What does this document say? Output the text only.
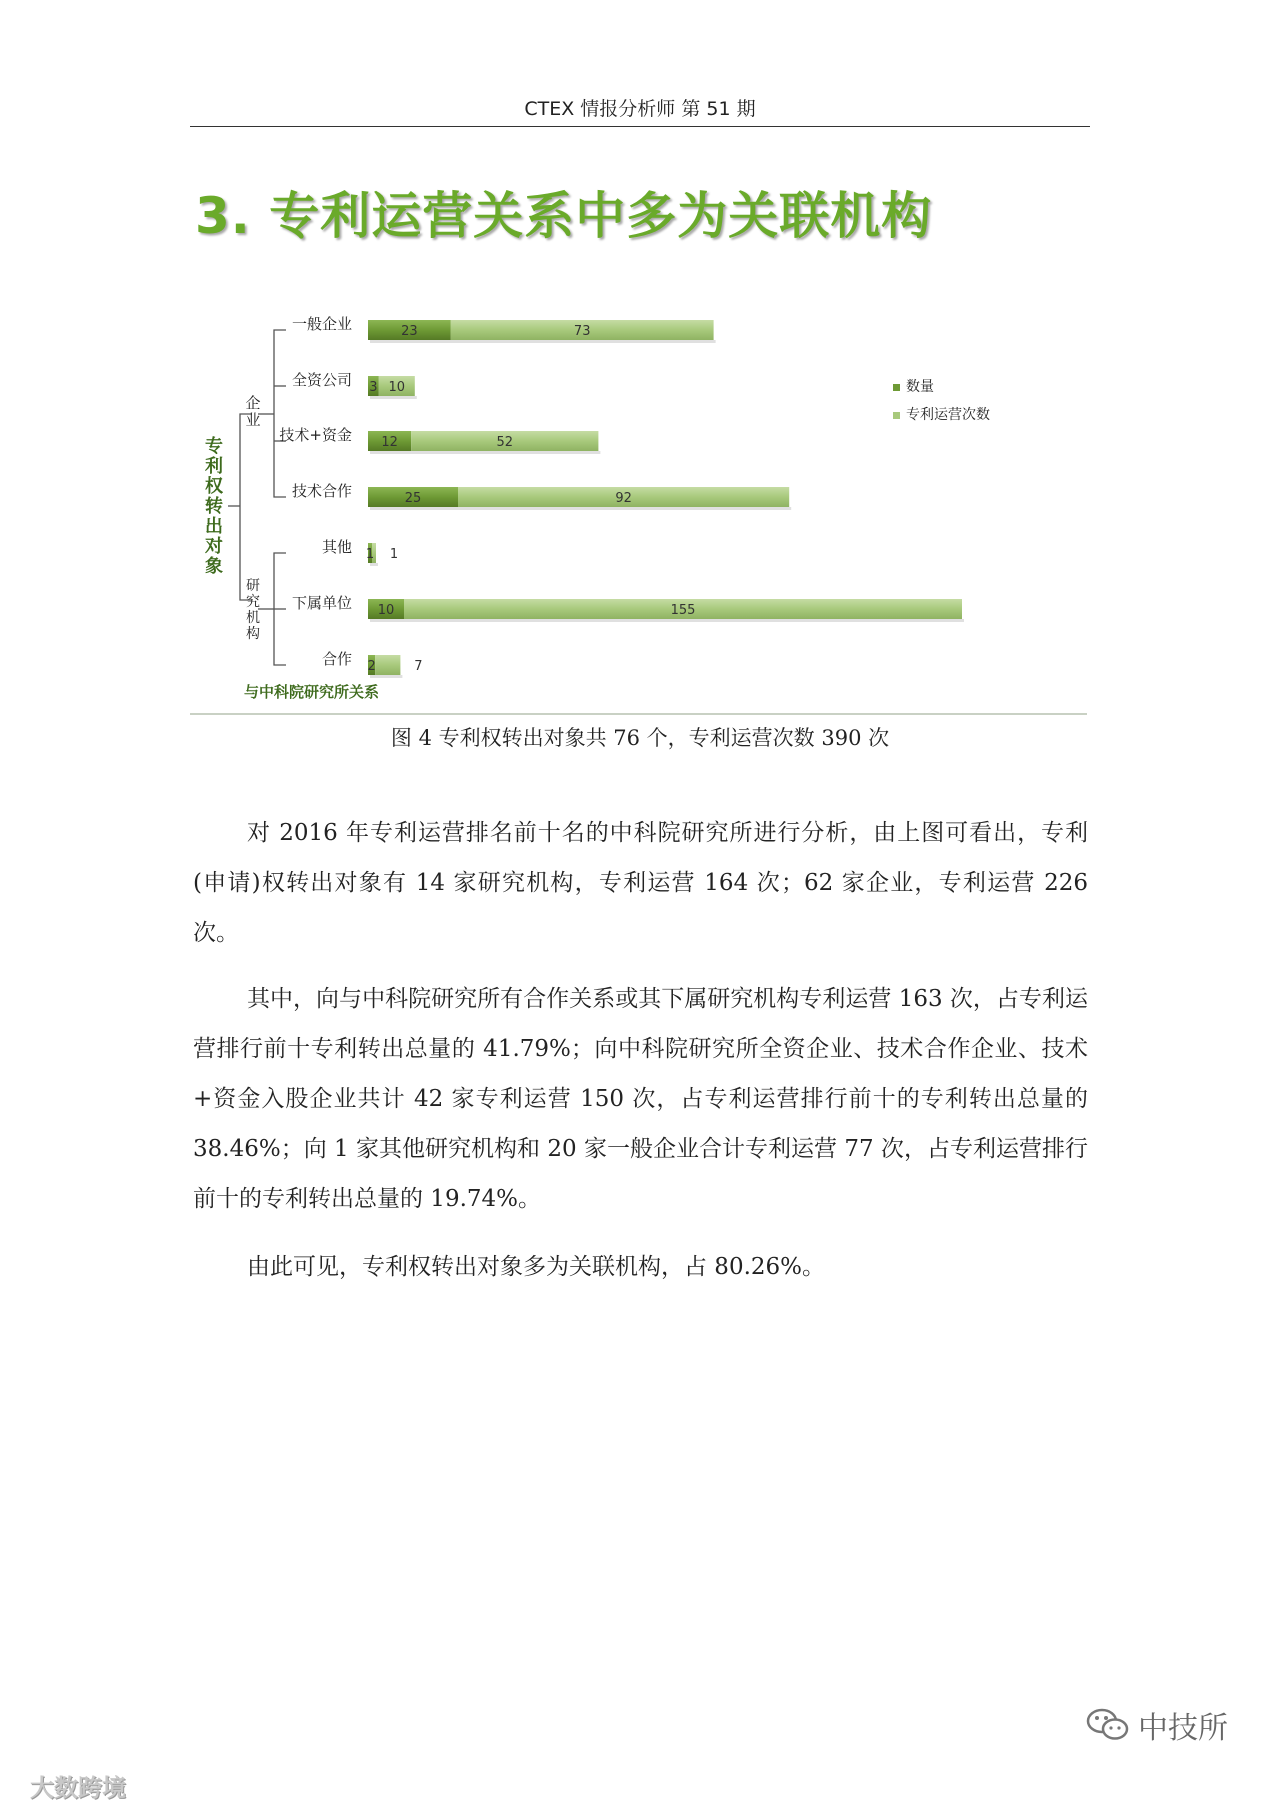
CTEX 情报分析师 第 51 期
3. 专利运营关系中多为关联机构
23	73
一般企业
3 10
全资公司
12	52
技术+资金
25	92
技术合作
1 1
其他
10	155
下属单位
2	7
合作
企
业
研
究
机
构
专
利
权
转
出
对
象
数量
专利运营次数
与中科院研究所关系
图 4 专利权转出对象共 76 个，专利运营次数 390 次

对 2016 年专利运营排名前十名的中科院研究所进行分析，由上图可看出，专利(申请)权转出对象有 14 家研究机构，专利运营 164 次；62 家企业，专利运营 226 次。

其中，向与中科院研究所有合作关系或其下属研究机构专利运营 163 次，占专利运营排行前十专利转出总量的 41.79%；向中科院研究所全资企业、技术合作企业、技术+资金入股企业共计 42 家专利运营 150 次，占专利运营排行前十的专利转出总量的 38.46%；向 1 家其他研究机构和 20 家一般企业合计专利运营 77 次，占专利运营排行前十的专利转出总量的 19.74%。

由此可见，专利权转出对象多为关联机构，占 80.26%。

中技所
大数跨境
